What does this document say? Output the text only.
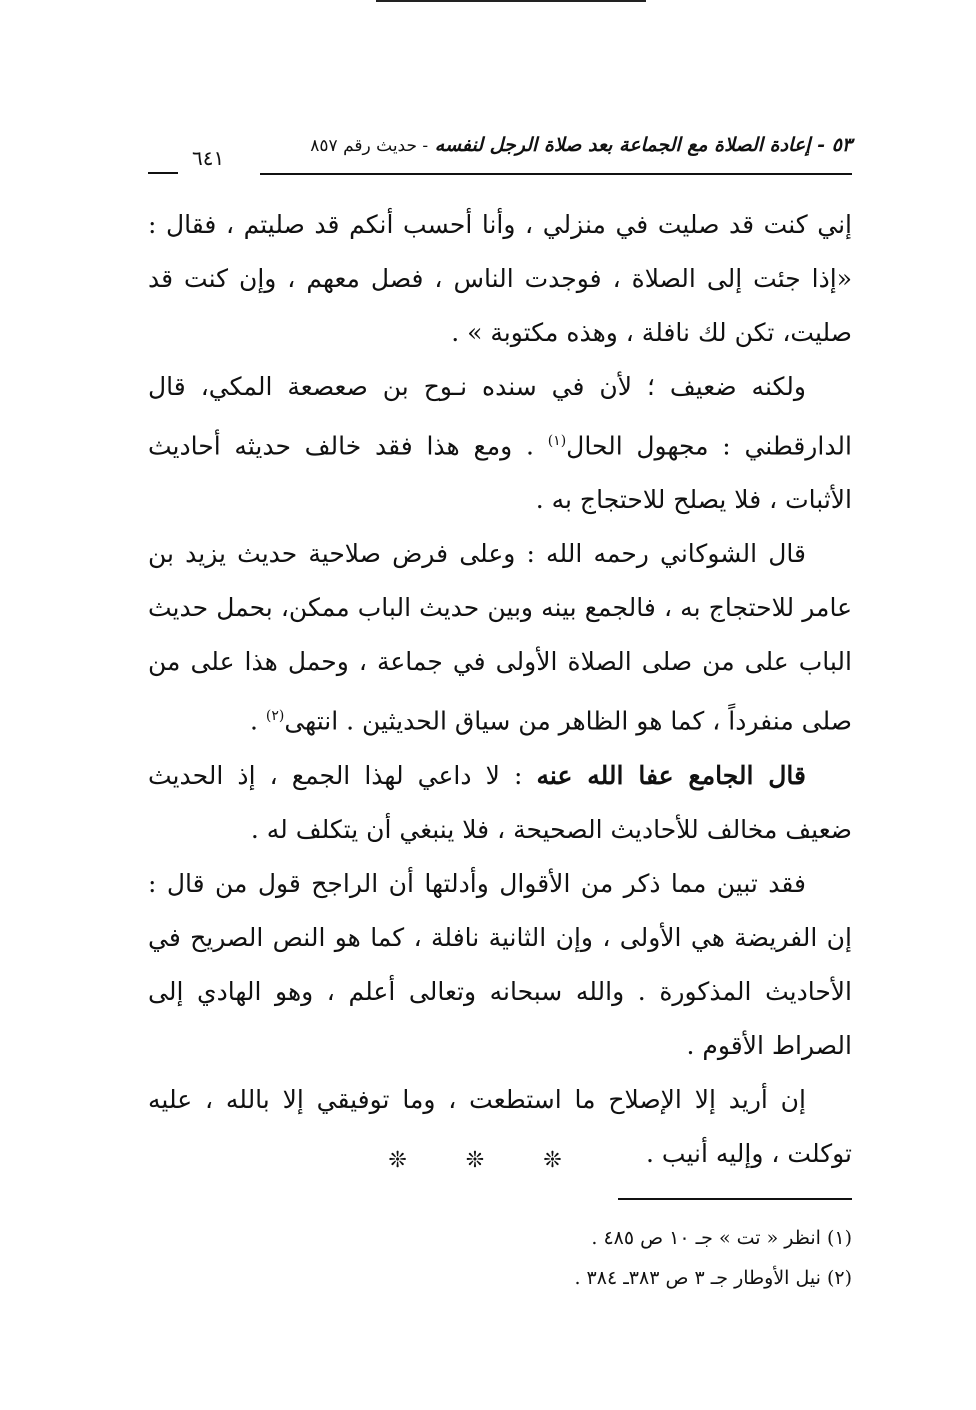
٥٣ - إعادة الصلاة مع الجماعة بعد صلاة الرجل لنفسه - حديث رقم ٨٥٧
٦٤١

إني كنت قد صليت في منزلي ، وأنا أحسب أنكم قد صليتم ، فقال : «إذا جئت إلى الصلاة ، فوجدت الناس ، فصل معهم ، وإن كنت قد صليت، تكن لك نافلة ، وهذه مكتوبة » .

ولكنه ضعيف ؛ لأن في سنده نـوح بن صعصعة المكي، قال الدارقطني : مجهول الحال$^{(١)}$ . ومع هذا فقد خالف حديثه أحاديث الأثبات ، فلا يصلح للاحتجاج به .

قال الشوكاني رحمه الله : وعلى فرض صلاحية حديث يزيد بن عامر للاحتجاج به ، فالجمع بينه وبين حديث الباب ممكن، بحمل حديث الباب على من صلى الصلاة الأولى في جماعة ، وحمل هذا على من صلى منفرداً ، كما هو الظاهر من سياق الحديثين . انتهى$^{(٢)}$ .

قال الجامع عفا الله عنه : لا داعي لهذا الجمع ، إذ الحديث ضعيف مخالف للأحاديث الصحيحة ، فلا ينبغي أن يتكلف له .

فقد تبين مما ذكر من الأقوال وأدلتها أن الراجح قول من قال : إن الفريضة هي الأولى ، وإن الثانية نافلة ، كما هو النص الصريح في الأحاديث المذكورة . والله سبحانه وتعالى أعلم ، وهو الهادي إلى الصراط الأقوم .

إن أريد إلا الإصلاح ما استطعت ، وما توفيقي إلا بالله ، عليه توكلت ، وإليه أنيب .

❊ ❊ ❊
(١) انظر « تت » جـ ١٠ ص ٤٨٥ .
(٢) نيل الأوطار جـ ٣ ص ٣٨٣ـ ٣٨٤ .
